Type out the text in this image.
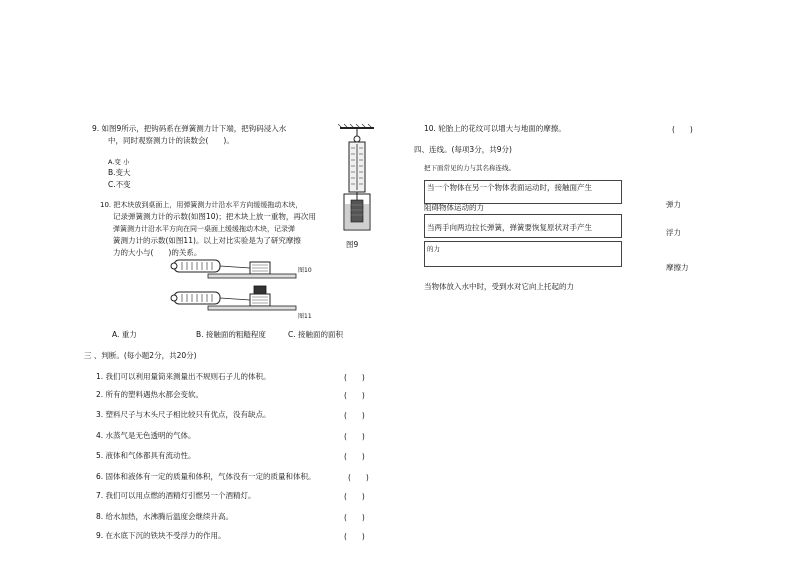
9. 如图9所示，把钩码系在弹簧测力计下端，把钩码浸入水
中，同时观察测力计的读数会(　　)。
A.变 小
B.变大
C.不变
图9
10. 把木块放到桌面上，用弹簧测力计沿水平方向缓缓拖动木块，
记录弹簧测力计的示数(如图10)；把木块上放一重物，再次用
弹簧测力计沿水平方向在同一桌面上缓缓拖动木块，记录弹
簧测力计的示数(如图11)。以上对比实验是为了研究摩擦
力的大小与(　　)的关系。
图10
图11
A. 重力	B. 接触面的粗糙程度	C. 接触面的面积
三 、判断。(每小题2分，共20分)
1. 我们可以利用量筒来测量出不规则石子儿的体积。	(　　)
2. 所有的塑料遇热水都会变软。	(　　)
3. 塑料尺子与木头尺子相比较只有优点，没有缺点。	(　　)
4. 水蒸气是无色透明的气体。	(　　)
5. 液体和气体都具有流动性。	(　　)
6. 固体和液体有一定的质量和体积，气体没有一定的质量和体积。	(　　)
7. 我们可以用点燃的酒精灯引燃另一个酒精灯。	(　　)
8. 给水加热，水沸腾后温度会继续升高。	(　　)
9. 在水底下沉的铁块不受浮力的作用。	(　　)
10. 轮胎上的花纹可以增大与地面的摩擦。	(　　)
四、连线。(每项3分，共9分)
把下面常见的力与其名称连线。
当一个物体在另一个物体表面运动时，接触面产生
阻碍物体运动的力
当两手向两边拉长弹簧，弹簧要恢复原状对手产生
的力
当物体放入水中时，受到水对它向上托起的力
弹力
浮力
摩擦力
